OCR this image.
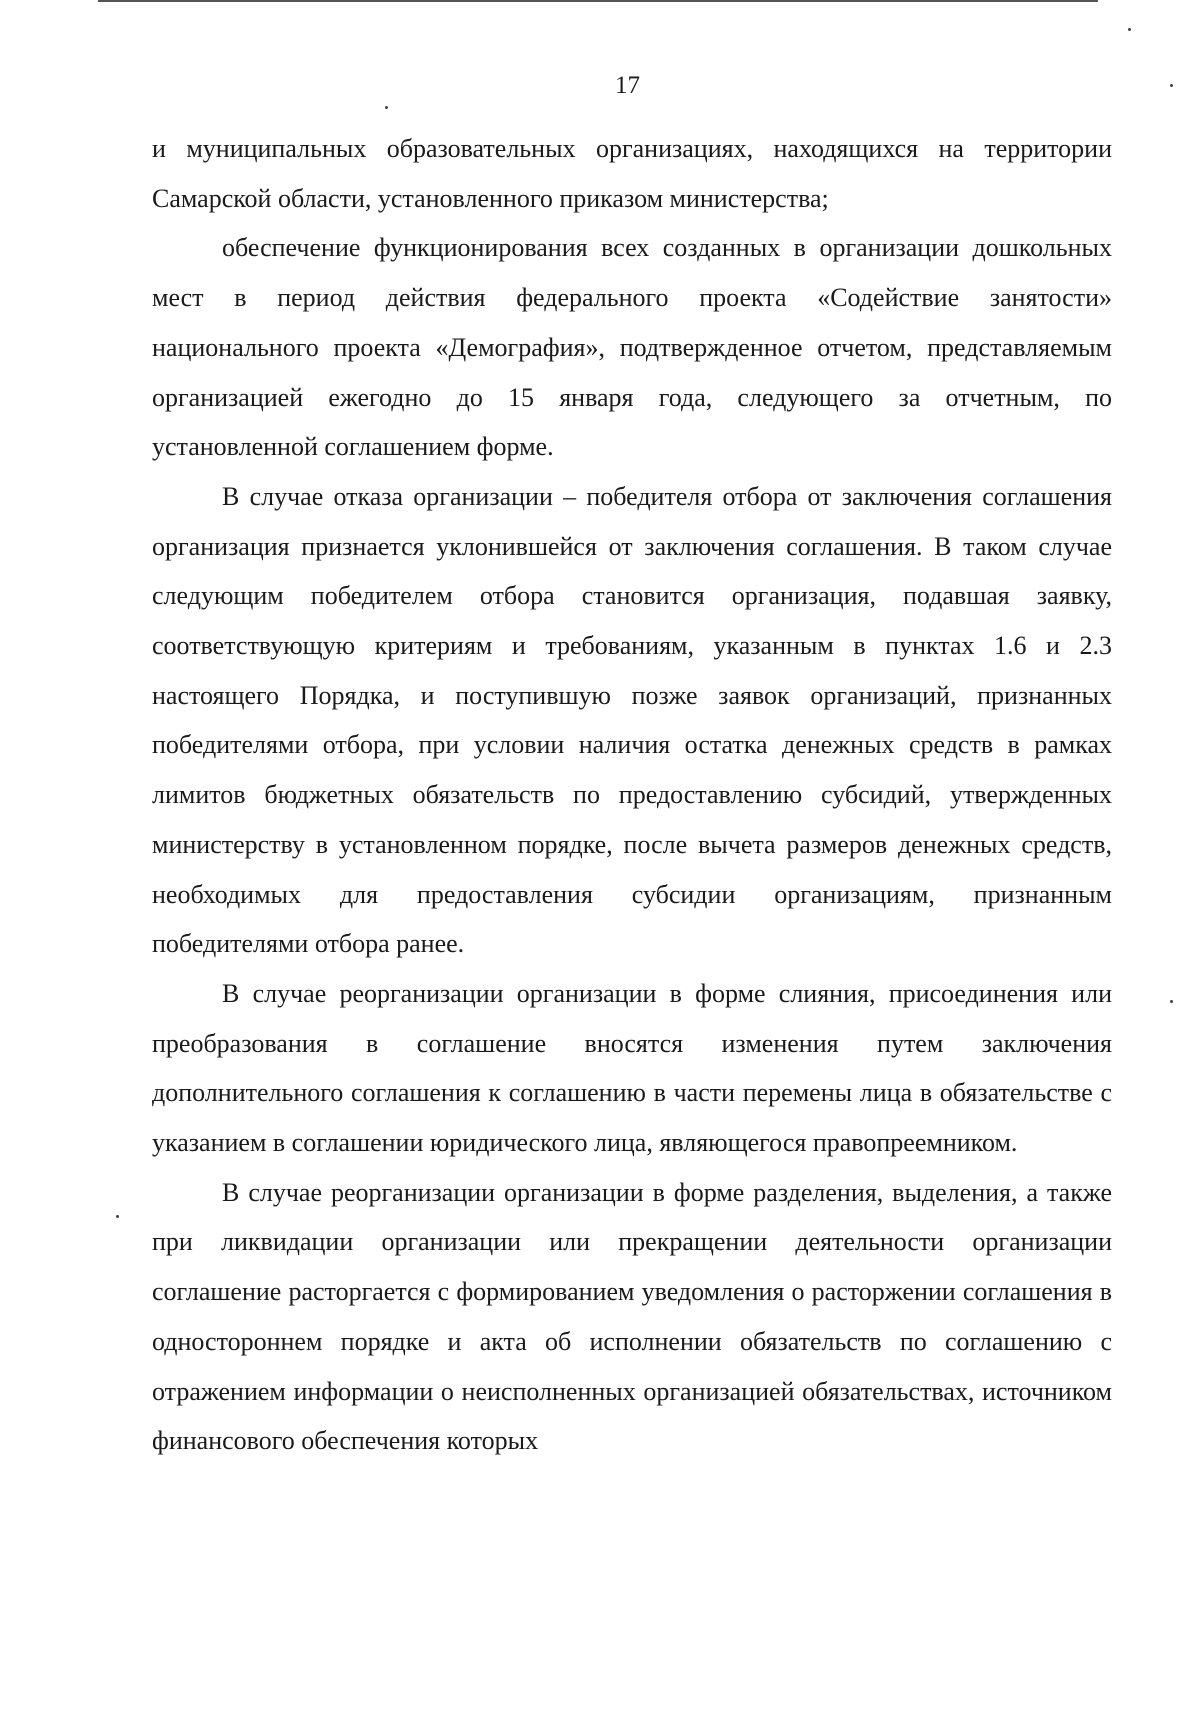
17

и муниципальных образовательных организациях, находящихся на территории Самарской области, установленного приказом министерства;

обеспечение функционирования всех созданных в организации дошкольных мест в период действия федерального проекта «Содействие занятости» национального проекта «Демография», подтвержденное отчетом, представляемым организацией ежегодно до 15 января года, следующего за отчетным, по установленной соглашением форме.

В случае отказа организации – победителя отбора от заключения соглашения организация признается уклонившейся от заключения соглашения. В таком случае следующим победителем отбора становится организация, подавшая заявку, соответствующую критериям и требованиям, указанным в пунктах 1.6 и 2.3 настоящего Порядка, и поступившую позже заявок организаций, признанных победителями отбора, при условии наличия остатка денежных средств в рамках лимитов бюджетных обязательств по предоставлению субсидий, утвержденных министерству в установленном порядке, после вычета размеров денежных средств, необходимых для предоставления субсидии организациям, признанным победителями отбора ранее.

В случае реорганизации организации в форме слияния, присоединения или преобразования в соглашение вносятся изменения путем заключения дополнительного соглашения к соглашению в части перемены лица в обязательстве с указанием в соглашении юридического лица, являющегося правопреемником.

В случае реорганизации организации в форме разделения, выделения, а также при ликвидации организации или прекращении деятельности организации соглашение расторгается с формированием уведомления о расторжении соглашения в одностороннем порядке и акта об исполнении обязательств по соглашению с отражением информации о неисполненных организацией обязательствах, источником финансового обеспечения которых
